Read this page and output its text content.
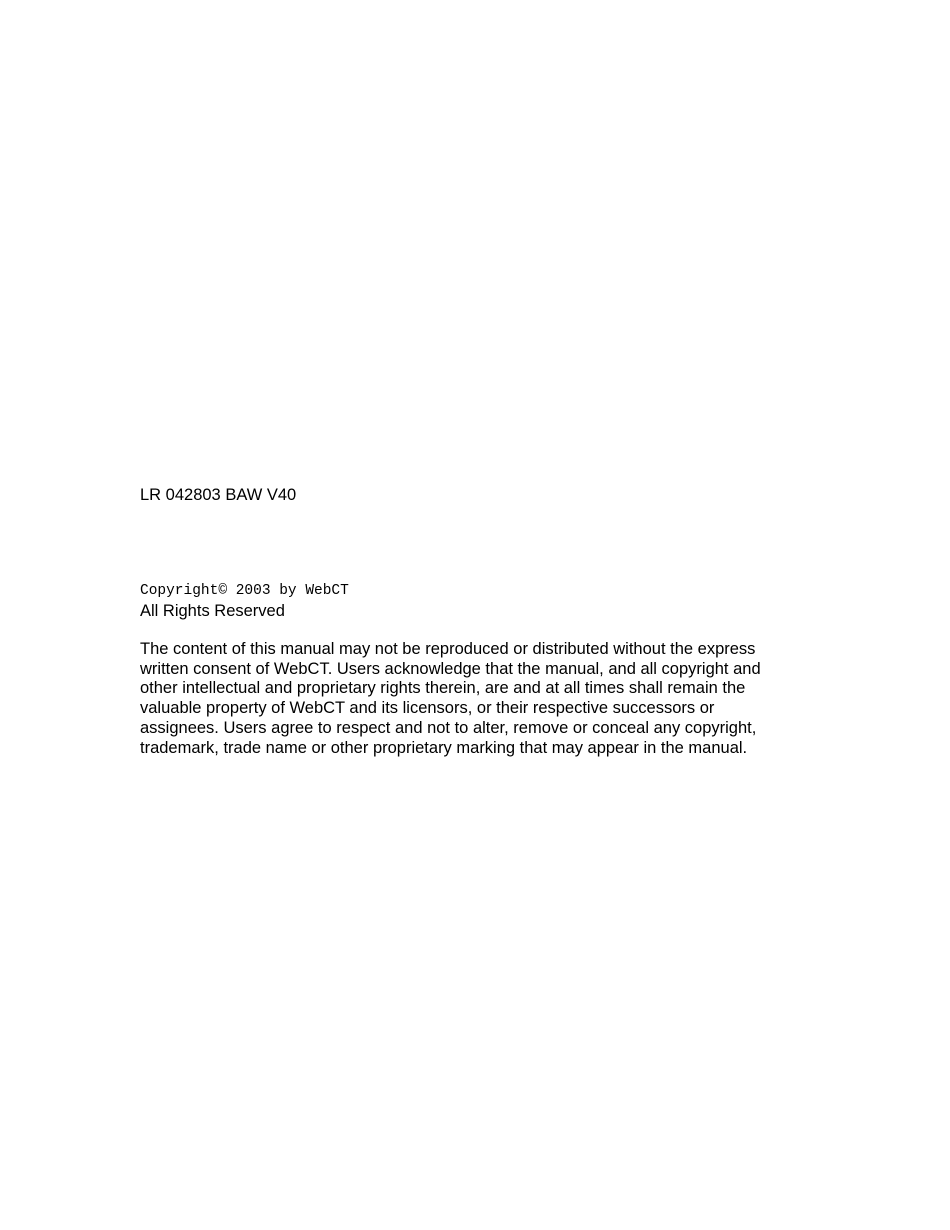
LR 042803 BAW V40

Copyright© 2003 by WebCT

All Rights Reserved

The content of this manual may not be reproduced or distributed without the express
written consent of WebCT. Users acknowledge that the manual, and all copyright and
other intellectual and proprietary rights therein, are and at all times shall remain the
valuable property of WebCT and its licensors, or their respective successors or
assignees. Users agree to respect and not to alter, remove or conceal any copyright,
trademark, trade name or other proprietary marking that may appear in the manual.
